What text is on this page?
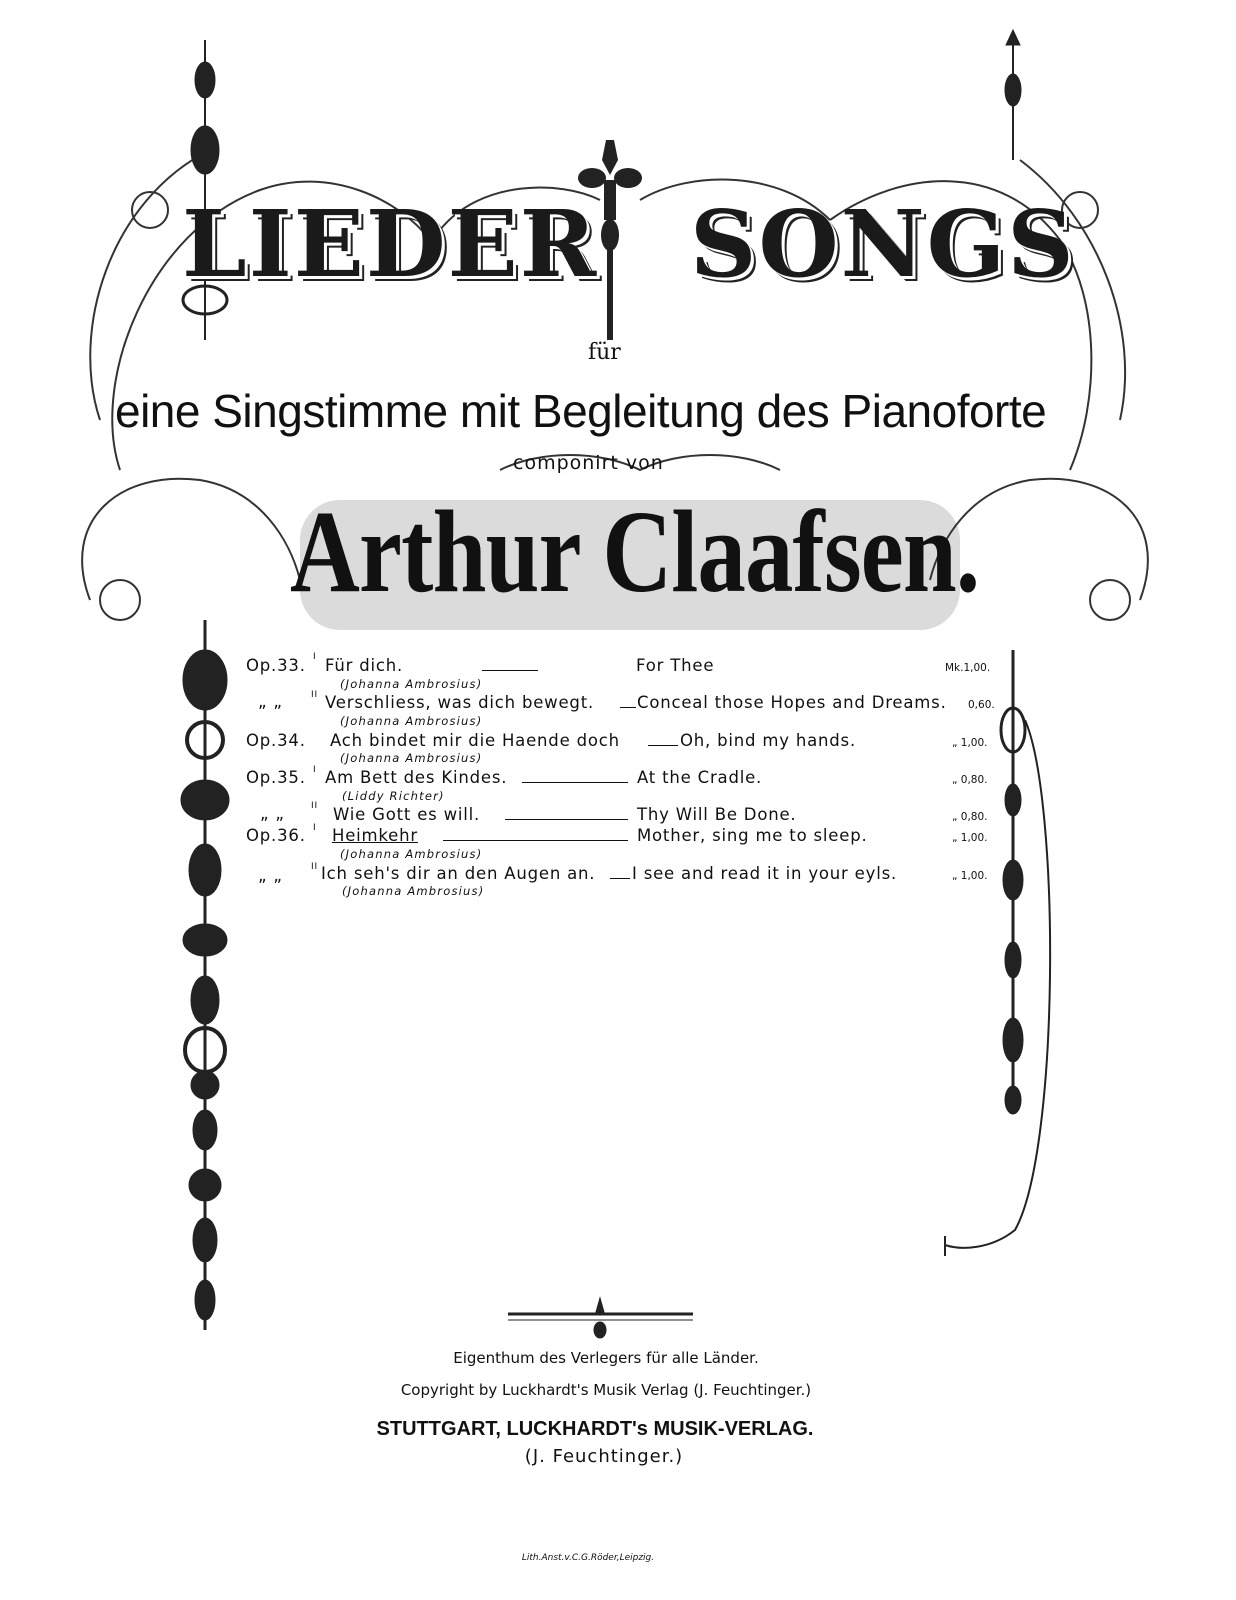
LIEDER SONGS
für
eine Singstimme mit Begleitung des Pianoforte
componirt von
Arthur Claafsen.
Op.33. I Für dich.	For Thee	Mk.1,00.
(Johanna Ambrosius)
„ „	II Verschliess, was dich bewegt.	Conceal those Hopes and Dreams. 0,60.
(Johanna Ambrosius)
Op.34. Ach bindet mir die Haende doch	Oh, bind my hands.	„ 1,00.
(Johanna Ambrosius)
Op.35. I Am Bett des Kindes.	At the Cradle.	„ 0,80.
(Liddy Richter)
„ „	II Wie Gott es will.	Thy Will Be Done.	„ 0,80.
Op.36. I Heimkehr	Mother, sing me to sleep.	„ 1,00.
(Johanna Ambrosius)
„ „	II Ich seh's dir an den Augen an. I see and read it in your eyls.	„ 1,00.
(Johanna Ambrosius)
Eigenthum des Verlegers für alle Länder.
Copyright by Luckhardt's Musik Verlag (J. Feuchtinger.)
STUTTGART, LUCKHARDT's MUSIK-VERLAG.
(J. Feuchtinger.)
Lith.Anst.v.C.G.Röder,Leipzig.
